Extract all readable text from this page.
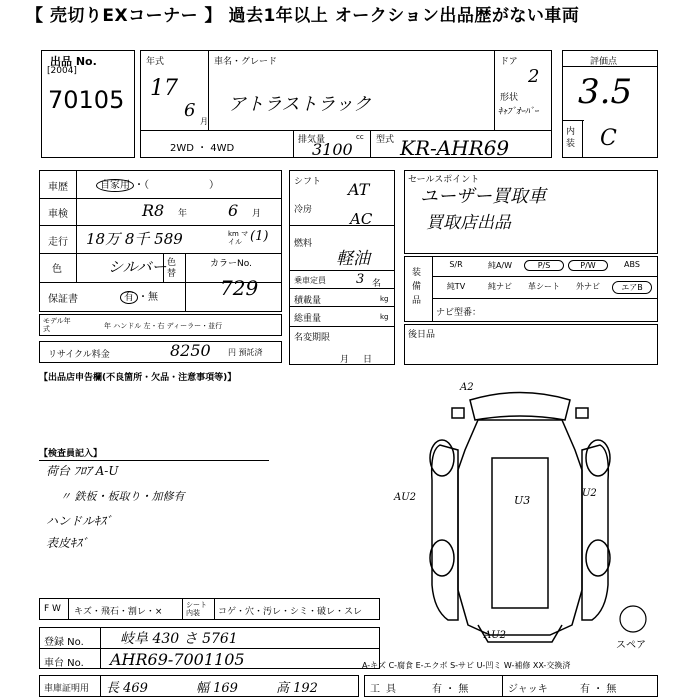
【 売切りEXコーナー 】 過去1年以上 オークション出品歴がない車両
出品 No.
[2004]
70105
年式
17
6
月
車名・グレード
アトラストラック
ドア
2
形状
ｷｬﾌﾞｵｰﾊﾞｰ
2WD ・ 4WD
排気量	cc
3100	型式 KR-AHR69
評価点
3.5
内装 C
車歴	自家用 ・（　　　　　　）
車検	R8 年	6 月
走行 18万 8千 589	km マイル (1)
色	シルバー 色替
カラーNo.
729
保証書	有 ・無
モデル年式	年 ハンドル 左・右 ディーラー・並行
リサイクル料金	8250 円 預託済
シフト AT
冷房	AC
燃料
軽油
乗車定員 3 名
積載量	kg
総重量	kg
名変期限
月日
セールスポイント
ユーザー買取車
買取店出品
装備品
S/R	純A/W	P/S	P/W	ABS
純TV	純ナビ	革シート	外ナビ	エアB
ナビ型番：
後日品
【出品店申告欄(不良箇所・欠品・注意事項等)】
【検査員記入】
荷台 ﾌﾛｱ A-U
〃 鉄板・板取り・加修有
ハンドルｷｽﾞ
表皮ｷｽﾞ
A2
AU2	U3
U2
AU2
スペア
F W キズ・飛石・割レ・×
シート内装	コゲ・穴・汚レ・シミ・破レ・スレ
登録 No.	岐阜 430 さ 5761
車台 No. AHR69-7001105	A-キズ C-腐食 E-エクボ S-サビ U-凹ミ W-補修 XX-交換済
車庫証明用 長 469	幅 169	高 192	工具	有 ・ 無	ジャッキ	有 ・ 無
